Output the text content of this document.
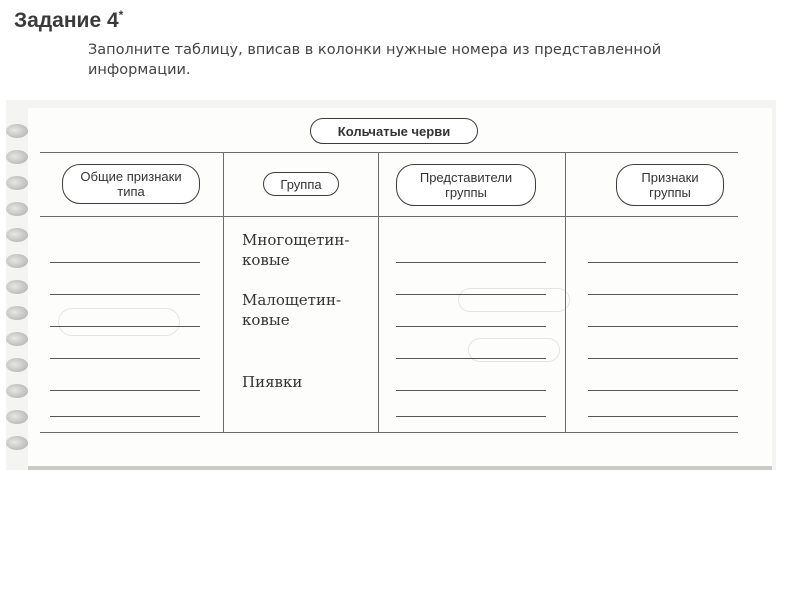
Задание 4*
Заполните таблицу, вписав в колонки нужные номера из представленной информации.
Кольчатые черви
Общие признаки типа	Группа	Представители группы
Признаки группы
Многощетин-
ковые
Малощетин-
ковые
Пиявки
